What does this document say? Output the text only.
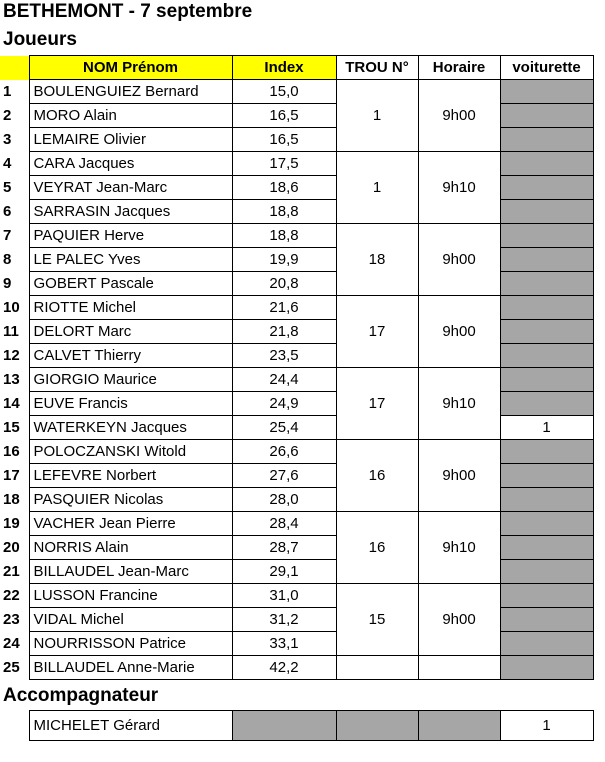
BETHEMONT - 7 septembre
Joueurs
	NOM Prénom	Index	TROU N°	Horaire	voiturette
1	BOULENGUIEZ Bernard	15,0	1	9h00	
2	MORO Alain	16,5			
3	LEMAIRE Olivier	16,5			
4	CARA Jacques	17,5	1	9h10	
5	VEYRAT Jean-Marc	18,6			
6	SARRASIN Jacques	18,8			
7	PAQUIER Herve	18,8	18	9h00	
8	LE PALEC Yves	19,9			
9	GOBERT Pascale	20,8			
10	RIOTTE Michel	21,6	17	9h00	
11	DELORT Marc	21,8			
12	CALVET Thierry	23,5			
13	GIORGIO Maurice	24,4	17	9h10	
14	EUVE Francis	24,9			
15	WATERKEYN Jacques	25,4			1
16	POLOCZANSKI Witold	26,6	16	9h00	
17	LEFEVRE Norbert	27,6			
18	PASQUIER Nicolas	28,0			
19	VACHER Jean Pierre	28,4	16	9h10	
20	NORRIS Alain	28,7			
21	BILLAUDEL Jean-Marc	29,1			
22	LUSSON Francine	31,0	15	9h00	
23	VIDAL Michel	31,2			
24	NOURRISSON Patrice	33,1			
25	BILLAUDEL Anne-Marie	42,2			
Accompagnateur
	MICHELET Gérard				1
